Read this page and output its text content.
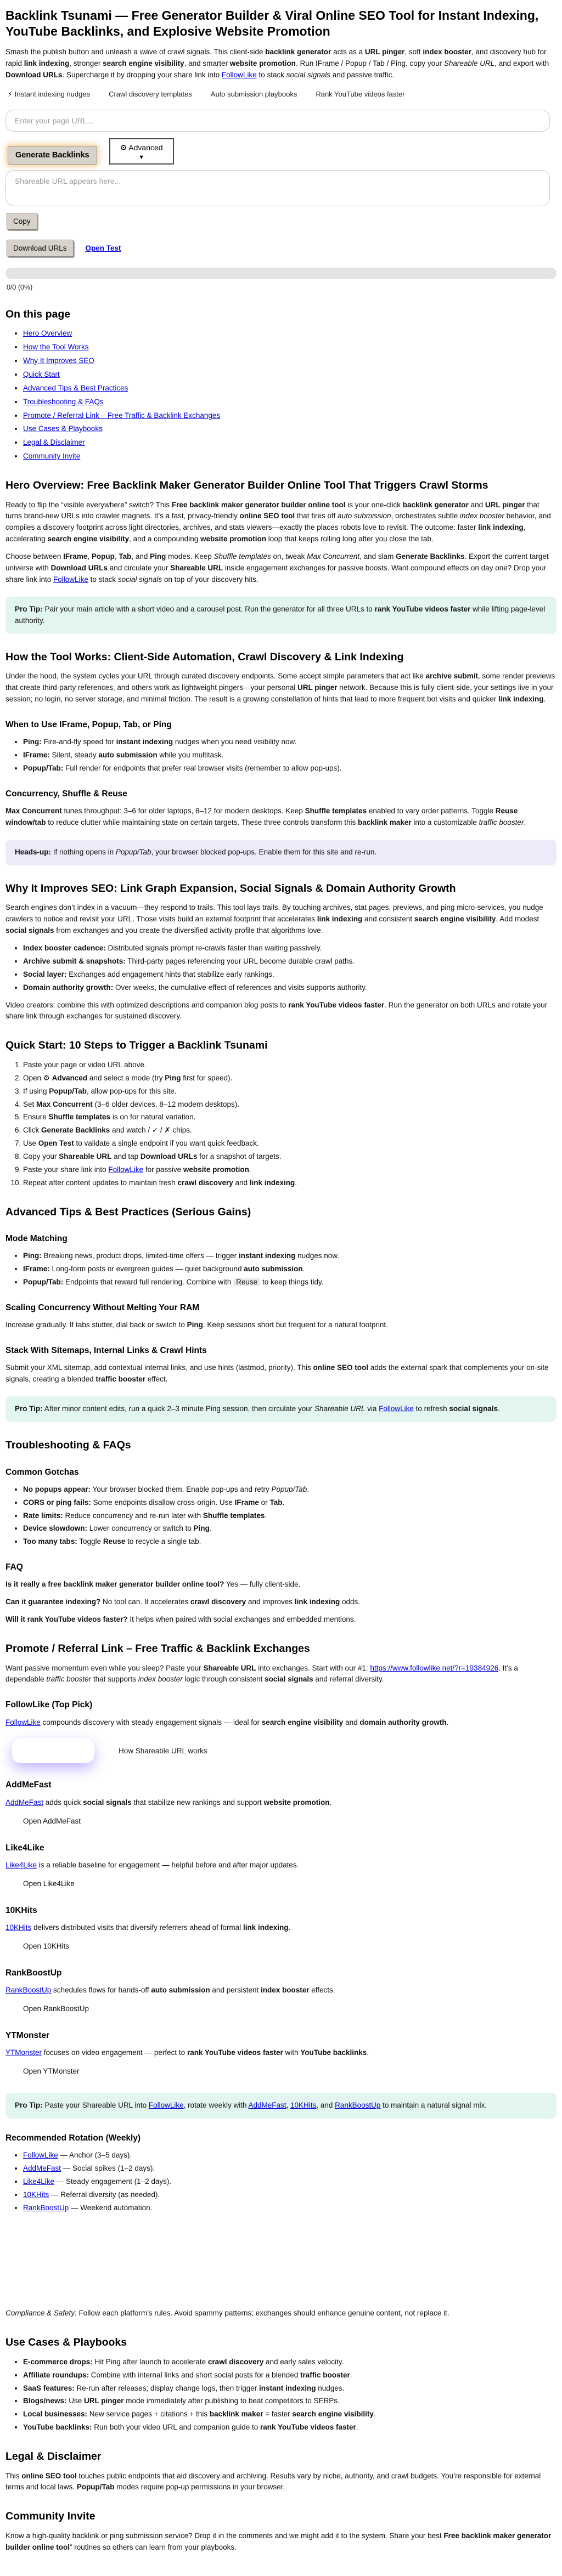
Backlink Tsunami — Free Generator Builder & Viral Online SEO Tool for Instant Indexing, YouTube Backlinks, and Explosive Website Promotion

Smash the publish button and unleash a wave of crawl signals. This client-side backlink generator acts as a URL pinger, soft index booster, and discovery hub for rapid link indexing, stronger search engine visibility, and smarter website promotion. Run IFrame / Popup / Tab / Ping, copy your Shareable URL, and export with Download URLs. Supercharge it by dropping your share link into FollowLike to stack social signals and passive traffic.

⚡ Instant indexing nudges	Crawl discovery templates	Auto submission playbooks	Rank YouTube videos faster
Enter your page URL...
Generate Backlinks
⚙ Advanced
▼
Shareable URL appears here...
Copy
Download URLs	Open Test
0/0 (0%)
On this page
• Hero Overview
• How the Tool Works
• Why It Improves SEO
• Quick Start
• Advanced Tips & Best Practices
• Troubleshooting & FAQs
• Promote / Referral Link – Free Traffic & Backlink Exchanges
• Use Cases & Playbooks
• Legal & Disclaimer
• Community Invite
Hero Overview: Free Backlink Maker Generator Builder Online Tool That Triggers Crawl Storms

Ready to flip the “visible everywhere” switch? This Free backlink maker generator builder online tool is your one-click backlink generator and URL pinger that turns brand-new URLs into crawler magnets. It’s a fast, privacy-friendly online SEO tool that fires off auto submission, orchestrates subtle index booster behavior, and compiles a discovery footprint across light directories, archives, and stats viewers—exactly the places robots love to revisit. The outcome: faster link indexing, accelerating search engine visibility, and a compounding website promotion loop that keeps rolling long after you close the tab.

Choose between IFrame, Popup, Tab, and Ping modes. Keep Shuffle templates on, tweak Max Concurrent, and slam Generate Backlinks. Export the current target universe with Download URLs and circulate your Shareable URL inside engagement exchanges for passive boosts. Want compound effects on day one? Drop your share link into FollowLike to stack social signals on top of your discovery hits.

Pro Tip: Pair your main article with a short video and a carousel post. Run the generator for all three URLs to rank YouTube videos faster while lifting page-level authority.
How the Tool Works: Client-Side Automation, Crawl Discovery & Link Indexing

Under the hood, the system cycles your URL through curated discovery endpoints. Some accept simple parameters that act like archive submit, some render previews that create third-party references, and others work as lightweight pingers—your personal URL pinger network. Because this is fully client-side, your settings live in your session; no login, no server storage, and minimal friction. The result is a growing constellation of hints that lead to more frequent bot visits and quicker link indexing.

When to Use IFrame, Popup, Tab, or Ping
• Ping: Fire-and-fly speed for instant indexing nudges when you need visibility now.
• IFrame: Silent, steady auto submission while you multitask.
• Popup/Tab: Full render for endpoints that prefer real browser visits (remember to allow pop-ups).
Concurrency, Shuffle & Reuse

Max Concurrent tunes throughput: 3–6 for older laptops, 8–12 for modern desktops. Keep Shuffle templates enabled to vary order patterns. Toggle Reuse window/tab to reduce clutter while maintaining state on certain targets. These three controls transform this backlink maker into a customizable traffic booster.

Heads-up: If nothing opens in Popup/Tab, your browser blocked pop-ups. Enable them for this site and re-run.
Why It Improves SEO: Link Graph Expansion, Social Signals & Domain Authority Growth

Search engines don’t index in a vacuum—they respond to trails. This tool lays trails. By touching archives, stat pages, previews, and ping micro-services, you nudge crawlers to notice and revisit your URL. Those visits build an external footprint that accelerates link indexing and consistent search engine visibility. Add modest social signals from exchanges and you create the diversified activity profile that algorithms love.

• Index booster cadence: Distributed signals prompt re-crawls faster than waiting passively.
• Archive submit & snapshots: Third-party pages referencing your URL become durable crawl paths.
• Social layer: Exchanges add engagement hints that stabilize early rankings.
• Domain authority growth: Over weeks, the cumulative effect of references and visits supports authority.

Video creators: combine this with optimized descriptions and companion blog posts to rank YouTube videos faster. Run the generator on both URLs and rotate your share link through exchanges for sustained discovery.

Quick Start: 10 Steps to Trigger a Backlink Tsunami
1. Paste your page or video URL above.
2. Open ⚙ Advanced and select a mode (try Ping first for speed).
3. If using Popup/Tab, allow pop-ups for this site.
4. Set Max Concurrent (3–6 older devices, 8–12 modern desktops).
5. Ensure Shuffle templates is on for natural variation.
6. Click Generate Backlinks and watch / ✓ / ✗ chips.
7. Use Open Test to validate a single endpoint if you want quick feedback.
8. Copy your Shareable URL and tap Download URLs for a snapshot of targets.
9. Paste your share link into FollowLike for passive website promotion.
10. Repeat after content updates to maintain fresh crawl discovery and link indexing.
Advanced Tips & Best Practices (Serious Gains)
Mode Matching
• Ping: Breaking news, product drops, limited-time offers — trigger instant indexing nudges now.
• IFrame: Long-form posts or evergreen guides — quiet background auto submission.
• Popup/Tab: Endpoints that reward full rendering. Combine with Reuse to keep things tidy.
Scaling Concurrency Without Melting Your RAM

Increase gradually. If tabs stutter, dial back or switch to Ping. Keep sessions short but frequent for a natural footprint.

Stack With Sitemaps, Internal Links & Crawl Hints

Submit your XML sitemap, add contextual internal links, and use hints (lastmod, priority). This online SEO tool adds the external spark that complements your on-site signals, creating a blended traffic booster effect.

Pro Tip: After minor content edits, run a quick 2–3 minute Ping session, then circulate your Shareable URL via FollowLike to refresh social signals.
Troubleshooting & FAQs
Common Gotchas
• No popups appear: Your browser blocked them. Enable pop-ups and retry Popup/Tab.
• CORS or ping fails: Some endpoints disallow cross-origin. Use IFrame or Tab.
• Rate limits: Reduce concurrency and re-run later with Shuffle templates.
• Device slowdown: Lower concurrency or switch to Ping.
• Too many tabs: Toggle Reuse to recycle a single tab.
FAQ

Is it really a free backlink maker generator builder online tool? Yes — fully client-side.

Can it guarantee indexing? No tool can. It accelerates crawl discovery and improves link indexing odds.

Will it rank YouTube videos faster? It helps when paired with social exchanges and embedded mentions.

Promote / Referral Link – Free Traffic & Backlink Exchanges

Want passive momentum even while you sleep? Paste your Shareable URL into exchanges. Start with our #1: https://www.followlike.net/?r=19384926. It’s a dependable traffic booster that supports index booster logic through consistent social signals and referral diversity.

FollowLike (Top Pick)

FollowLike compounds discovery with steady engagement signals — ideal for search engine visibility and domain authority growth.

How Shareable URL works
AddMeFast

AddMeFast adds quick social signals that stabilize new rankings and support website promotion.

Open AddMeFast
Like4Like

Like4Like is a reliable baseline for engagement — helpful before and after major updates.

Open Like4Like
10KHits

10KHits delivers distributed visits that diversify referrers ahead of formal link indexing.

Open 10KHits
RankBoostUp

RankBoostUp schedules flows for hands-off auto submission and persistent index booster effects.

Open RankBoostUp
YTMonster

YTMonster focuses on video engagement — perfect to rank YouTube videos faster with YouTube backlinks.

Open YTMonster
Pro Tip: Paste your Shareable URL into FollowLike, rotate weekly with AddMeFast, 10KHits, and RankBoostUp to maintain a natural signal mix.
Recommended Rotation (Weekly)
• FollowLike — Anchor (3–5 days).
• AddMeFast — Social spikes (1–2 days).
• Like4Like — Steady engagement (1–2 days).
• 10KHits — Referral diversity (as needed).
• RankBoostUp — Weekend automation.

Compliance & Safety: Follow each platform’s rules. Avoid spammy patterns; exchanges should enhance genuine content, not replace it.

Use Cases & Playbooks
• E-commerce drops: Hit Ping after launch to accelerate crawl discovery and early sales velocity.
• Affiliate roundups: Combine with internal links and short social posts for a blended traffic booster.
• SaaS features: Re-run after releases; display change logs, then trigger instant indexing nudges.
• Blogs/news: Use URL pinger mode immediately after publishing to beat competitors to SERPs.
• Local businesses: New service pages + citations + this backlink maker = faster search engine visibility.
• YouTube backlinks: Run both your video URL and companion guide to rank YouTube videos faster.
Legal & Disclaimer

This online SEO tool touches public endpoints that aid discovery and archiving. Results vary by niche, authority, and crawl budgets. You’re responsible for external terms and local laws. Popup/Tab modes require pop-up permissions in your browser.

Community Invite

Know a high-quality backlink or ping submission service? Drop it in the comments and we might add it to the system. Share your best Free backlink maker generator builder online tool” routines so others can learn from your playbooks.
